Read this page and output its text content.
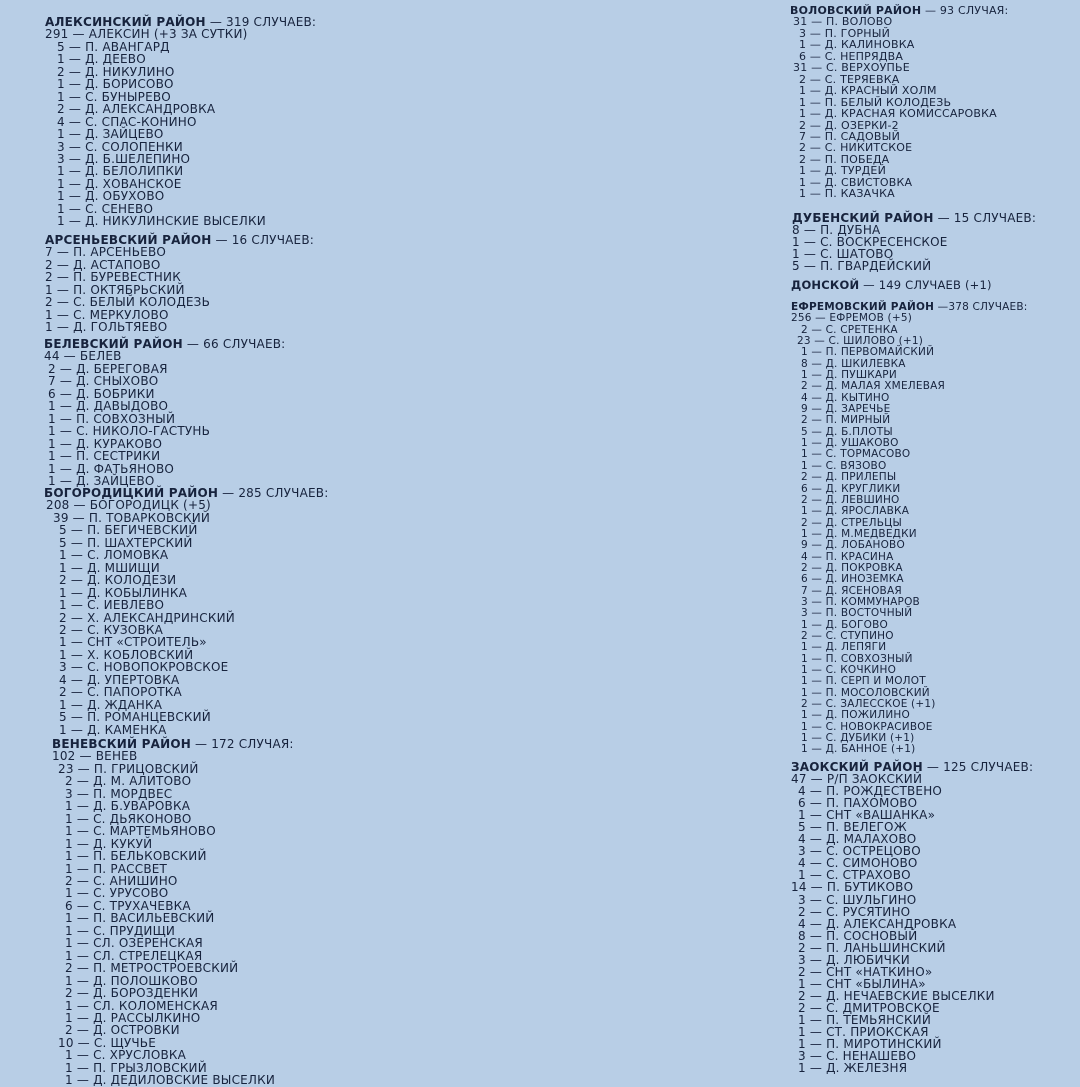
АЛЕКСИНСКИЙ РАЙОН — 319 СЛУЧАЕВ:
291 — АЛЕКСИН (+3 ЗА СУТКИ)
5 — П. АВАНГАРД
1 — Д. ДЕЕВО
2 — Д. НИКУЛИНО
1 — Д. БОРИСОВО
1 — С. БУНЫРЕВО
2 — Д. АЛЕКСАНДРОВКА
4 — С. СПАС-КОНИНО
1 — Д. ЗАЙЦЕВО
3 — С. СОЛОПЕНКИ
3 — Д. Б.ШЕЛЕПИНО
1 — Д. БЕЛОЛИПКИ
1 — Д. ХОВАНСКОЕ
1 — Д. ОБУХОВО
1 — С. СЕНЕВО
1 — Д. НИКУЛИНСКИЕ ВЫСЕЛКИ
АРСЕНЬЕВСКИЙ РАЙОН — 16 СЛУЧАЕВ:
7 — П. АРСЕНЬЕВО
2 — Д. АСТАПОВО
2 — П. БУРЕВЕСТНИК
1 — П. ОКТЯБРЬСКИЙ
2 — С. БЕЛЫЙ КОЛОДЕЗЬ
1 — С. МЕРКУЛОВО
1 — Д. ГОЛЬТЯЕВО
БЕЛЕВСКИЙ РАЙОН — 66 СЛУЧАЕВ:
44 — БЕЛЕВ
2 — Д. БЕРЕГОВАЯ
7 — Д. СНЫХОВО
6 — Д. БОБРИКИ
1 — Д. ДАВЫДОВО
1 — П. СОВХОЗНЫЙ
1 — С. НИКОЛО-ГАСТУНЬ
1 — Д. КУРАКОВО
1 — П. СЕСТРИКИ
1 — Д. ФАТЬЯНОВО
1 — Д. ЗАЙЦЕВО
БОГОРОДИЦКИЙ РАЙОН — 285 СЛУЧАЕВ:
208 — БОГОРОДИЦК (+5)
39 — П. ТОВАРКОВСКИЙ
5 — П. БЕГИЧЕВСКИЙ
5 — П. ШАХТЕРСКИЙ
1 — С. ЛОМОВКА
1 — Д. МШИЩИ
2 — Д. КОЛОДЕЗИ
1 — Д. КОБЫЛИНКА
1 — С. ИЕВЛЕВО
2 — Х. АЛЕКСАНДРИНСКИЙ
2 — С. КУЗОВКА
1 — СНТ «СТРОИТЕЛЬ»
1 — Х. КОБЛОВСКИЙ
3 — С. НОВОПОКРОВСКОЕ
4 — Д. УПЕРТОВКА
2 — С. ПАПОРОТКА
1 — Д. ЖДАНКА
5 — П. РОМАНЦЕВСКИЙ
1 — Д. КАМЕНКА
ВЕНЕВСКИЙ РАЙОН — 172 СЛУЧАЯ:
102 — ВЕНЕВ
23 — П. ГРИЦОВСКИЙ
2 — Д. М. АЛИТОВО
3 — П. МОРДВЕС
1 — Д. Б.УВАРОВКА
1 — С. ДЬЯКОНОВО
1 — С. МАРТЕМЬЯНОВО
1 — Д. КУКУЙ
1 — П. БЕЛЬКОВСКИЙ
1 — П. РАССВЕТ
2 — С. АНИШИНО
1 — С. УРУСОВО
6 — С. ТРУХАЧЕВКА
1 — П. ВАСИЛЬЕВСКИЙ
1 — С. ПРУДИЩИ
1 — СЛ. ОЗЕРЕНСКАЯ
1 — СЛ. СТРЕЛЕЦКАЯ
2 — П. МЕТРОСТРОЕВСКИЙ
1 — Д. ПОЛОШКОВО
2 — Д. БОРОЗДЕНКИ
1 — СЛ. КОЛОМЕНСКАЯ
1 — Д. РАССЫЛКИНО
2 — Д. ОСТРОВКИ
10 — С. ЩУЧЬЕ
1 — С. ХРУСЛОВКА
1 — П. ГРЫЗЛОВСКИЙ
1 — Д. ДЕДИЛОВСКИЕ ВЫСЕЛКИ
ВОЛОВСКИЙ РАЙОН — 93 СЛУЧАЯ:
31 — П. ВОЛОВО
3 — П. ГОРНЫЙ
1 — Д. КАЛИНОВКА
6 — С. НЕПРЯДВА
31 — С. ВЕРХОУПЬЕ
2 — С. ТЕРЯЕВКА
1 — Д. КРАСНЫЙ ХОЛМ
1 — П. БЕЛЫЙ КОЛОДЕЗЬ
1 — Д. КРАСНАЯ КОМИССАРОВКА
2 — Д. ОЗЕРКИ-2
7 — П. САДОВЫЙ
2 — С. НИКИТСКОЕ
2 — П. ПОБЕДА
1 — Д. ТУРДЕЙ
1 — Д. СВИСТОВКА
1 — П. КАЗАЧКА
ДУБЕНСКИЙ РАЙОН — 15 СЛУЧАЕВ:
8 — П. ДУБНА
1 — С. ВОСКРЕСЕНСКОЕ
1 — С. ШАТОВО
5 — П. ГВАРДЕЙСКИЙ
ДОНСКОЙ — 149 СЛУЧАЕВ (+1)
ЕФРЕМОВСКИЙ РАЙОН —378 СЛУЧАЕВ:
256 — ЕФРЕМОВ (+5)
2 — С. СРЕТЕНКА
23 — С. ШИЛОВО (+1)
1 — П. ПЕРВОМАЙСКИЙ
8 — Д. ШКИЛЕВКА
1 — Д. ПУШКАРИ
2 — Д. МАЛАЯ ХМЕЛЕВАЯ
4 — Д. КЫТИНО
9 — Д. ЗАРЕЧЬЕ
2 — П. МИРНЫЙ
5 — Д. Б.ПЛОТЫ
1 — Д. УШАКОВО
1 — С. ТОРМАСОВО
1 — С. ВЯЗОВО
2 — Д. ПРИЛЕПЫ
6 — Д. КРУГЛИКИ
2 — Д. ЛЕВШИНО
1 — Д. ЯРОСЛАВКА
2 — Д. СТРЕЛЬЦЫ
1 — Д. М.МЕДВЕДКИ
9 — Д. ЛОБАНОВО
4 — П. КРАСИНА
2 — Д. ПОКРОВКА
6 — Д. ИНОЗЕМКА
7 — Д. ЯСЕНОВАЯ
3 — П. КОММУНАРОВ
3 — П. ВОСТОЧНЫЙ
1 — Д. БОГОВО
2 — С. СТУПИНО
1 — Д. ЛЕПЯГИ
1 — П. СОВХОЗНЫЙ
1 — С. КОЧКИНО
1 — П. СЕРП И МОЛОТ
1 — П. МОСОЛОВСКИЙ
2 — С. ЗАЛЕССКОЕ (+1)
1 — Д. ПОЖИЛИНО
1 — С. НОВОКРАСИВОЕ
1 — С. ДУБИКИ (+1)
1 — Д. БАННОЕ (+1)
ЗАОКСКИЙ РАЙОН — 125 СЛУЧАЕВ:
47 — Р/П ЗАОКСКИЙ
4 — П. РОЖДЕСТВЕНО
6 — П. ПАХОМОВО
1 — СНТ «ВАШАНКА»
5 — П. ВЕЛЕГОЖ
4 — Д. МАЛАХОВО
3 — С. ОСТРЕЦОВО
4 — С. СИМОНОВО
1 — С. СТРАХОВО
14 — П. БУТИКОВО
3 — С. ШУЛЬГИНО
2 — С. РУСЯТИНО
4 — Д. АЛЕКСАНДРОВКА
8 — П. СОСНОВЫЙ
2 — П. ЛАНЬШИНСКИЙ
3 — Д. ЛЮБИЧКИ
2 — СНТ «НАТКИНО»
1 — СНТ «БЫЛИНА»
2 — Д. НЕЧАЕВСКИЕ ВЫСЕЛКИ
2 — С. ДМИТРОВСКОЕ
1 — П. ТЕМЬЯНСКИЙ
1 — СТ. ПРИОКСКАЯ
1 — П. МИРОТИНСКИЙ
3 — С. НЕНАШЕВО
1 — Д. ЖЕЛЕЗНЯ
